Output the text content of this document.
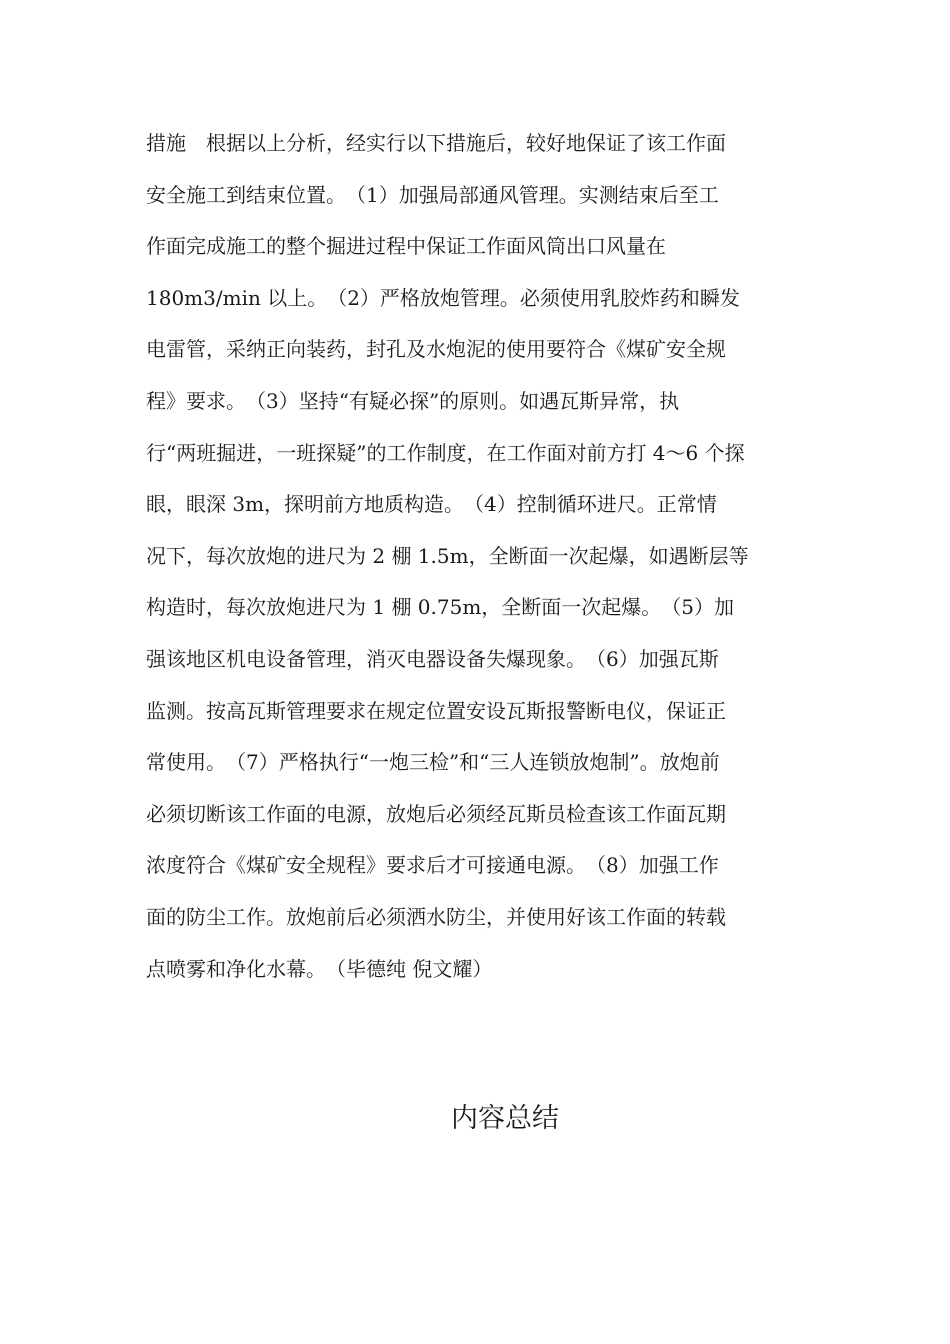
措施　根据以上分析，经实行以下措施后，较好地保证了该工作面
安全施工到结束位置。　（1）加强局部通风管理。实测结束后至工
作面完成施工的整个掘进过程中保证工作面风筒出口风量在
180m3/min 以上。　（2）严格放炮管理。必须使用乳胶炸药和瞬发
电雷管，采纳正向装药，封孔及水炮泥的使用要符合《煤矿安全规
程》要求。　（3）坚持“有疑必探”的原则。如遇瓦斯异常，执
行“两班掘进，一班探疑”的工作制度，在工作面对前方打 4～6 个探
眼，眼深 3m，探明前方地质构造。　（4）控制循环进尺。正常情
况下，每次放炮的进尺为 2 棚 1.5m，全断面一次起爆，如遇断层等
构造时，每次放炮进尺为 1 棚 0.75m，全断面一次起爆。　（5）加
强该地区机电设备管理，消灭电器设备失爆现象。　（6）加强瓦斯
监测。按高瓦斯管理要求在规定位置安设瓦斯报警断电仪，保证正
常使用。　（7）严格执行“一炮三检”和“三人连锁放炮制”。放炮前
必须切断该工作面的电源，放炮后必须经瓦斯员检查该工作面瓦期
浓度符合《煤矿安全规程》要求后才可接通电源。　（8）加强工作
面的防尘工作。放炮前后必须洒水防尘，并使用好该工作面的转载
点喷雾和净化水幕。　（毕德纯 倪文耀）
内容总结
